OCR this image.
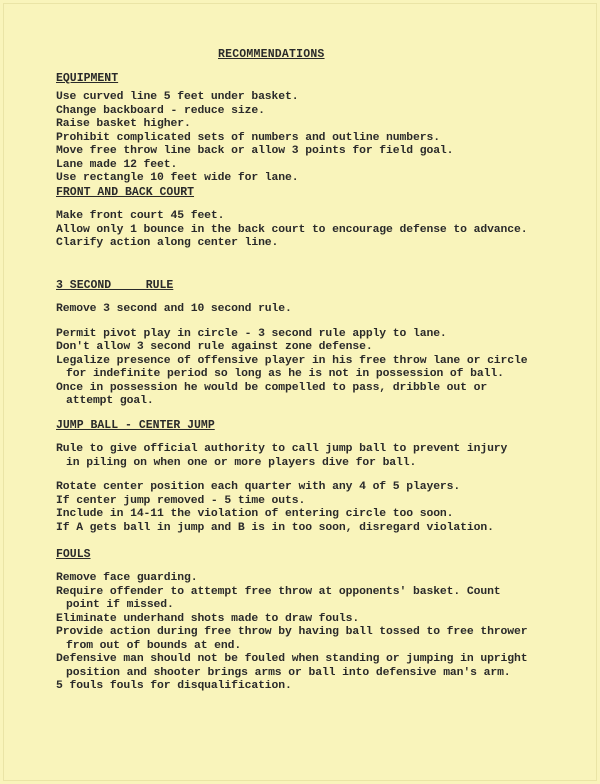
RECOMMENDATIONS
EQUIPMENT
Use curved line 5 feet under basket.
Change backboard - reduce size.
Raise basket higher.
Prohibit complicated sets of numbers and outline numbers.
Move free throw line back or allow 3 points for field goal.
Lane made 12 feet.
Use rectangle 10 feet wide for lane.
FRONT AND BACK COURT
Make front court 45 feet.
Allow only 1 bounce in the back court to encourage defense to advance.
Clarify action along center line.
3 SECOND     RULE
Remove 3 second and 10 second rule.
Permit pivot play in circle - 3 second rule apply to lane.
Don't allow 3 second rule against zone defense.
Legalize presence of offensive player in his free throw lane or circle
for indefinite period so long as he is not in possession of ball.
Once in possession he would be compelled to pass, dribble out or
attempt goal.
JUMP BALL - CENTER JUMP
Rule to give official authority to call jump ball to prevent injury
in piling on when one or more players dive for ball.
Rotate center position each quarter with any 4 of 5 players.
If center jump removed - 5 time outs.
Include in 14-11 the violation of entering circle too soon.
If A gets ball in jump and B is in too soon, disregard violation.
FOULS
Remove face guarding.
Require offender to attempt free throw at opponents' basket. Count
point if missed.
Eliminate underhand shots made to draw fouls.
Provide action during free throw by having ball tossed to free thrower
from out of bounds at end.
Defensive man should not be fouled when standing or jumping in upright
position and shooter brings arms or ball into defensive man's arm.
5 fouls fouls for disqualification.
